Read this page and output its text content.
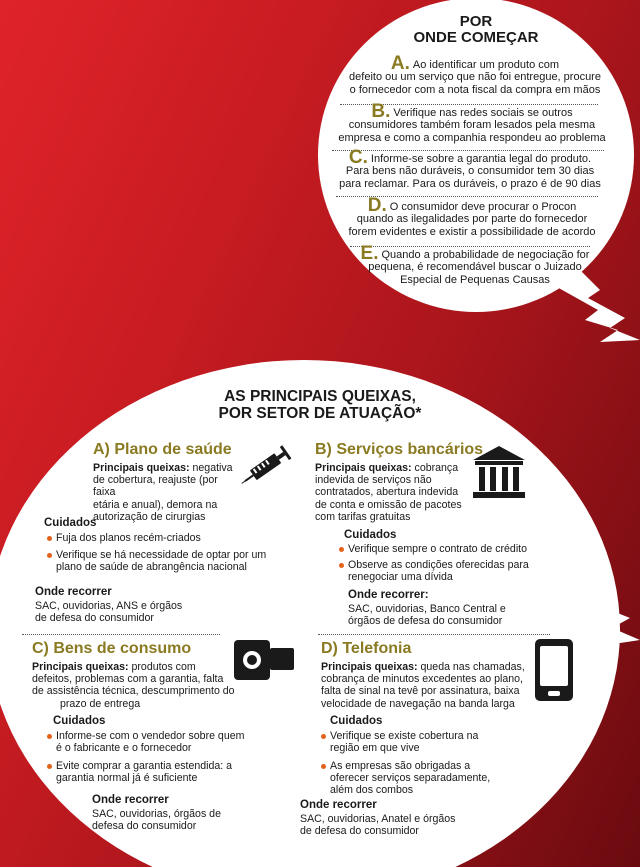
POR
ONDE COMEÇAR
A. Ao identificar um produto com
defeito ou um serviço que não foi entregue, procure
o fornecedor com a nota fiscal da compra em mãos
B. Verifique nas redes sociais se outros
consumidores também foram lesados pela mesma
empresa e como a companhia respondeu ao problema
C. Informe-se sobre a garantia legal do produto.
Para bens não duráveis, o consumidor tem 30 dias
para reclamar. Para os duráveis, o prazo é de 90 dias
D. O consumidor deve procurar o Procon
quando as ilegalidades por parte do fornecedor
forem evidentes e existir a possibilidade de acordo
E. Quando a probabilidade de negociação for
pequena, é recomendável buscar o Juizado
Especial de Pequenas Causas
AS PRINCIPAIS QUEIXAS,
POR SETOR DE ATUAÇÃO*
A) Plano de saúde
Principais queixas: negativa
de cobertura, reajuste (por faixa
etária e anual), demora na
autorização de cirurgias
Cuidados
Fuja dos planos recém-criados
Verifique se há necessidade de optar por um
plano de saúde de abrangência nacional
Onde recorrer
SAC, ouvidorias, ANS e órgãos
de defesa do consumidor
B) Serviços bancários
Principais queixas: cobrança
indevida de serviços não
contratados, abertura indevida
de conta e omissão de pacotes
com tarifas gratuitas
Cuidados
Verifique sempre o contrato de crédito
Observe as condições oferecidas para
renegociar uma dívida
Onde recorrer:
SAC, ouvidorias, Banco Central e
órgãos de defesa do consumidor
C) Bens de consumo
Principais queixas: produtos com
defeitos, problemas com a garantia, falta
de assistência técnica, descumprimento do
prazo de entrega
Cuidados
Informe-se com o vendedor sobre quem
é o fabricante e o fornecedor
Evite comprar a garantia estendida: a
garantia normal já é suficiente
Onde recorrer
SAC, ouvidorias, órgãos de
defesa do consumidor
D) Telefonia
Principais queixas: queda nas chamadas,
cobrança de minutos excedentes ao plano,
falta de sinal na tevê por assinatura, baixa
velocidade de navegação na banda larga
Cuidados
Verifique se existe cobertura na
região em que vive
As empresas são obrigadas a
oferecer serviços separadamente,
além dos combos
Onde recorrer
SAC, ouvidorias, Anatel e órgãos
de defesa do consumidor
